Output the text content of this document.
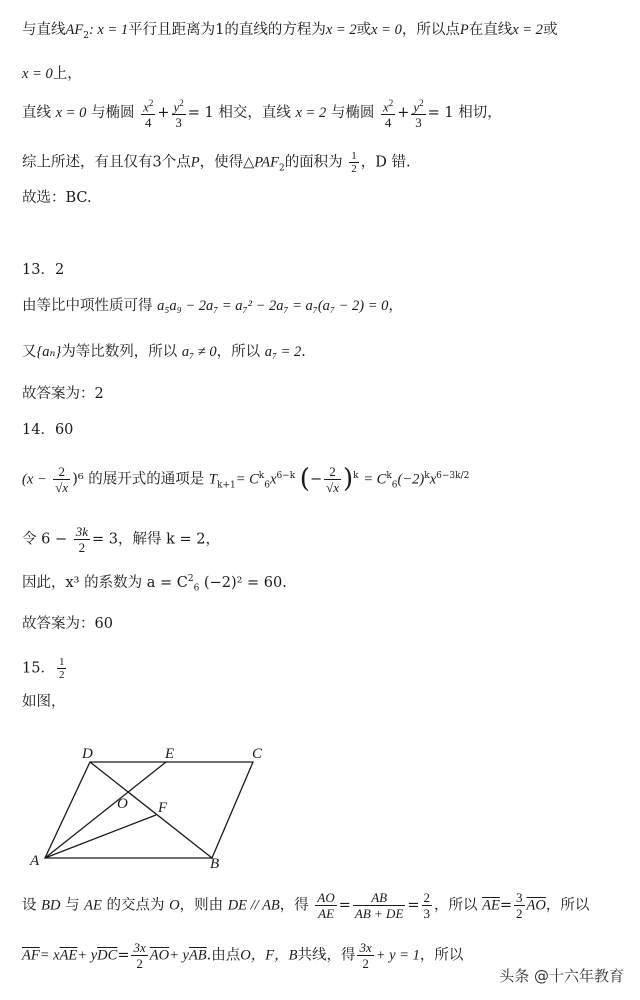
与直线$AF_2$: x = 1平行且距离为1的直线的方程为x = 2或x = 0，所以点P在直线x = 2或
x = 0上，
直线 x = 0 与椭圆 $\frac{x^2}{4} + \frac{y^2}{3} = 1$ 相交，直线 x = 2 与椭圆 $\frac{x^2}{4} + \frac{y^2}{3} = 1$ 相切，
综上所述，有且仅有3个点P，使得$\triangle PAF_2$的面积为 $\frac{1}{2}$ ，D 错.
故选：BC.
13．2
由等比中项性质可得 a₅a₉ − 2a₇ = a₇² − 2a₇ = a₇(a₇ − 2) = 0，
又{aₙ}为等比数列，所以 a₇ ≠ 0，所以 a₇ = 2.
故答案为：2
14．60
$(x - \frac{2}{√x} )^6$ 的展开式的通项是 $T_{k+1}= C^k_6x^{6-k}$ (− $\frac{2}{√x} )^k = C^k_6(-2)^kx^{6-3k/2}$
令 $6 - \frac{3k}{2} = 3$，解得 k = 2，
因此，x³ 的系数为 $a = C^2_6$ (−2)² = 60.
故答案为：60
15． $\frac{1}{2}$
如图，
A	B
C
D	E
F
O
设 BD 与 AE 的交点为 O，则由 DE // AB，得 $\frac{AO}{AE} = \frac{AB}{AB + DE} = \frac{2}{3}$ ，所以 $\overline{AE}= \frac{3}{2} \overline{AO}$，所以
$\overline{AF}= x\overline{AE}+ y\overline{DC}= \frac{3x}{2} \overline{AO}+ y\overline{AB}$.由点O，F，B共线，得 $\frac{3x}{2} + y = 1$，所以
头条 @十六年教育
